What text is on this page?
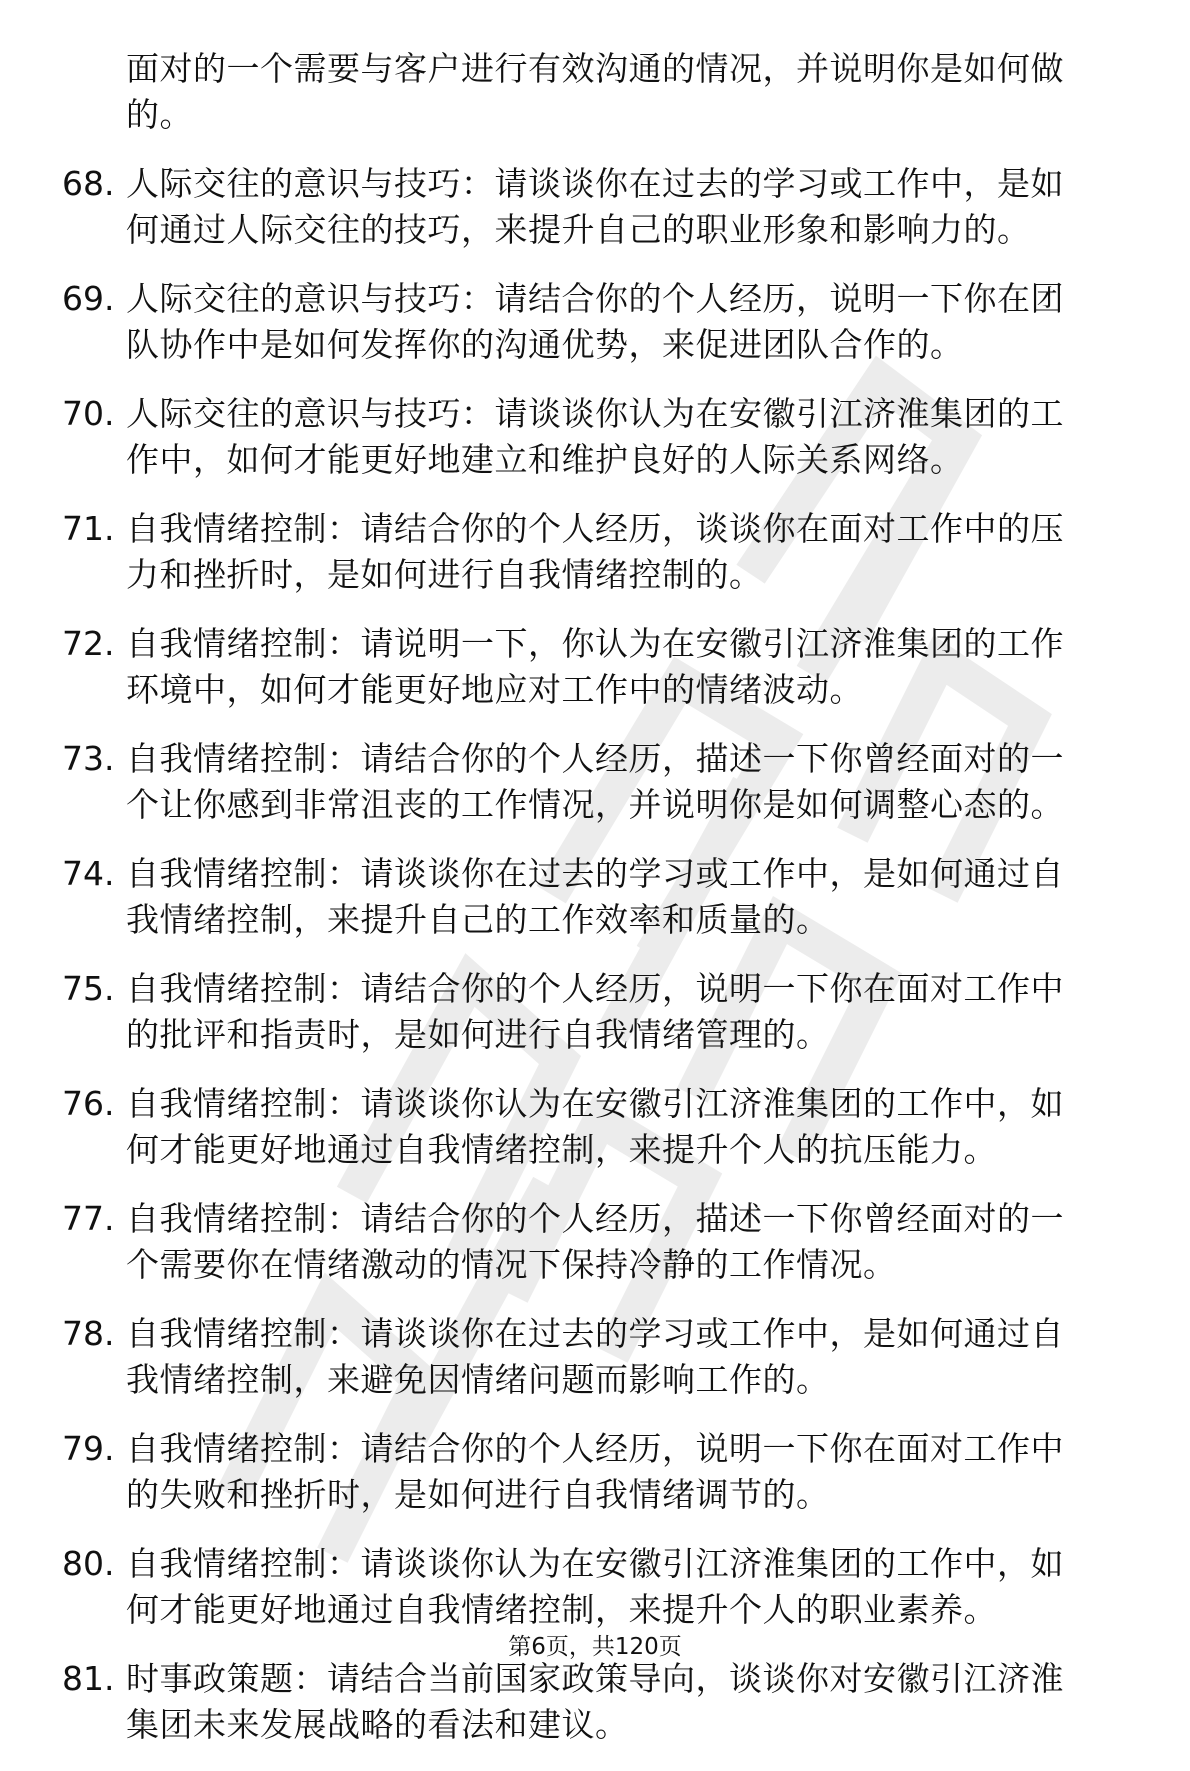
面对的一个需要与客户进行有效沟通的情况，并说明你是如何做
的。
68. 人际交往的意识与技巧：请谈谈你在过去的学习或工作中，是如
何通过人际交往的技巧，来提升自己的职业形象和影响力的。
69. 人际交往的意识与技巧：请结合你的个人经历，说明一下你在团
队协作中是如何发挥你的沟通优势，来促进团队合作的。
70. 人际交往的意识与技巧：请谈谈你认为在安徽引江济淮集团的工
作中，如何才能更好地建立和维护良好的人际关系网络。
71. 自我情绪控制：请结合你的个人经历，谈谈你在面对工作中的压
力和挫折时，是如何进行自我情绪控制的。
72. 自我情绪控制：请说明一下，你认为在安徽引江济淮集团的工作
环境中，如何才能更好地应对工作中的情绪波动。
73. 自我情绪控制：请结合你的个人经历，描述一下你曾经面对的一
个让你感到非常沮丧的工作情况，并说明你是如何调整心态的。
74. 自我情绪控制：请谈谈你在过去的学习或工作中，是如何通过自
我情绪控制，来提升自己的工作效率和质量的。
75. 自我情绪控制：请结合你的个人经历，说明一下你在面对工作中
的批评和指责时，是如何进行自我情绪管理的。
76. 自我情绪控制：请谈谈你认为在安徽引江济淮集团的工作中，如
何才能更好地通过自我情绪控制，来提升个人的抗压能力。
77. 自我情绪控制：请结合你的个人经历，描述一下你曾经面对的一
个需要你在情绪激动的情况下保持冷静的工作情况。
78. 自我情绪控制：请谈谈你在过去的学习或工作中，是如何通过自
我情绪控制，来避免因情绪问题而影响工作的。
79. 自我情绪控制：请结合你的个人经历，说明一下你在面对工作中
的失败和挫折时，是如何进行自我情绪调节的。
80. 自我情绪控制：请谈谈你认为在安徽引江济淮集团的工作中，如
何才能更好地通过自我情绪控制，来提升个人的职业素养。
81. 时事政策题：请结合当前国家政策导向，谈谈你对安徽引江济淮
集团未来发展战略的看法和建议。
第6页，共120页
